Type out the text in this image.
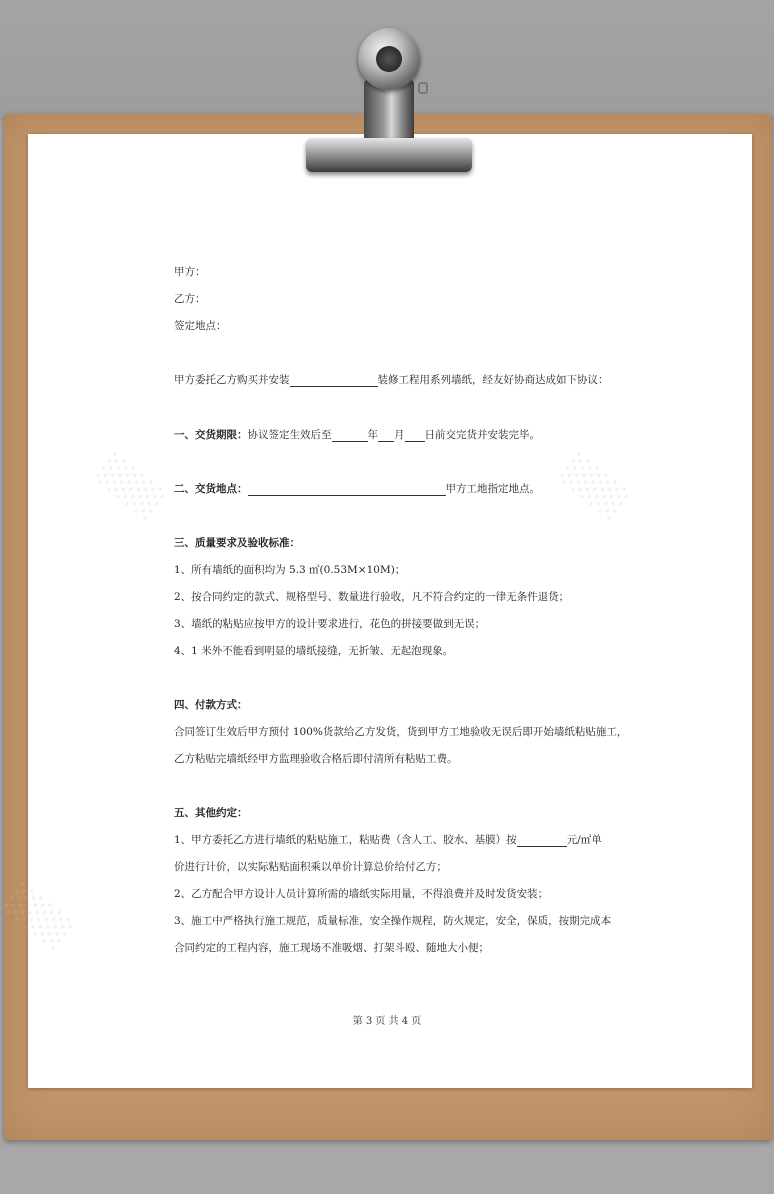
░░░	░░░
░░░
甲方：
乙方：
签定地点：
甲方委托乙方购买并安装	装修工程用系列墙纸，经友好协商达成如下协议：
一、交货期限：协议签定生效后至	年 月 日前交完货并安装完毕。
二、交货地点：	甲方工地指定地点。
三、质量要求及验收标准：
1、所有墙纸的面积均为 5.3 ㎡(0.53M×10M)；
2、按合同约定的款式、规格型号、数量进行验收，凡不符合约定的一律无条件退货；
3、墙纸的粘贴应按甲方的设计要求进行，花色的拼接要做到无误；
4、1 米外不能看到明显的墙纸接缝，无折皱、无起泡现象。
四、付款方式：
合同签订生效后甲方预付 100%货款给乙方发货，货到甲方工地验收无误后即开始墙纸粘贴施工，
乙方粘贴完墙纸经甲方监理验收合格后即付清所有粘贴工费。
五、其他约定：
1、甲方委托乙方进行墙纸的粘贴施工，粘贴费（含人工、胶水、基膜）按	元/㎡单
价进行计价，以实际粘贴面积乘以单价计算总价给付乙方；
2、乙方配合甲方设计人员计算所需的墙纸实际用量，不得浪费并及时发货安装；
3、施工中严格执行施工规范，质量标准，安全操作规程，防火规定，安全，保质，按期完成本
合同约定的工程内容，施工现场不准吸烟、打架斗殴、随地大小便；
第 3 页 共 4 页
